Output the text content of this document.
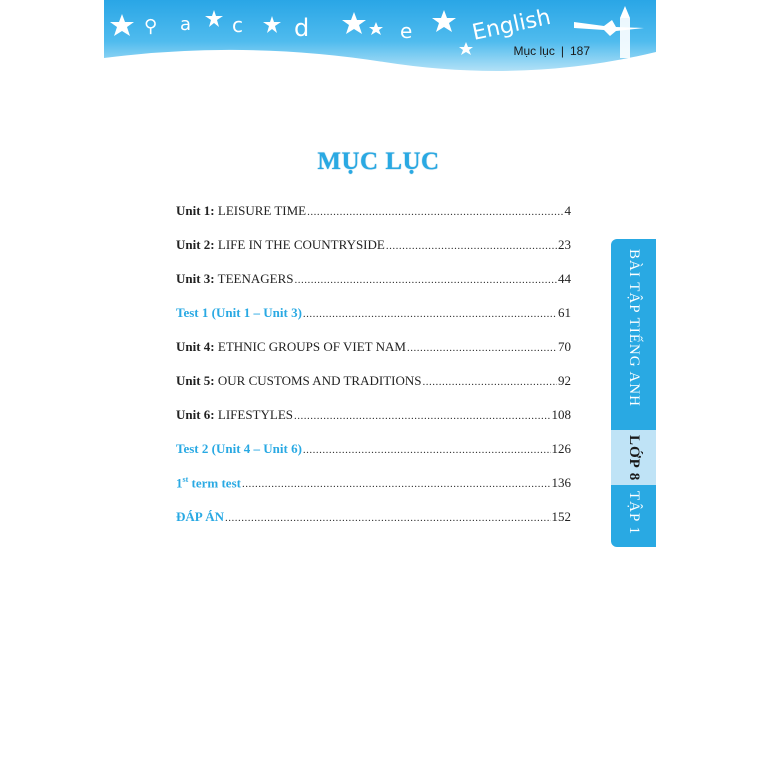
⚲ a c d	e	English
Mục lục | 187
MỤC LỤC
Unit 1: LEISURE TIME .....	4
Unit 2: LIFE IN THE COUNTRYSIDE .....	23
Unit 3: TEENAGERS .....	44
Test 1 (Unit 1 – Unit 3) .....	61
Unit 4: ETHNIC GROUPS OF VIET NAM .....	70
Unit 5: OUR CUSTOMS AND TRADITIONS .....	92
Unit 6: LIFESTYLES .....	108
Test 2 (Unit 4 – Unit 6) .....	126
1st term test .....	136
ĐÁP ÁN .....	152
BÀI TẬP TIẾNG ANH
LỚP 8
TẬP 1
